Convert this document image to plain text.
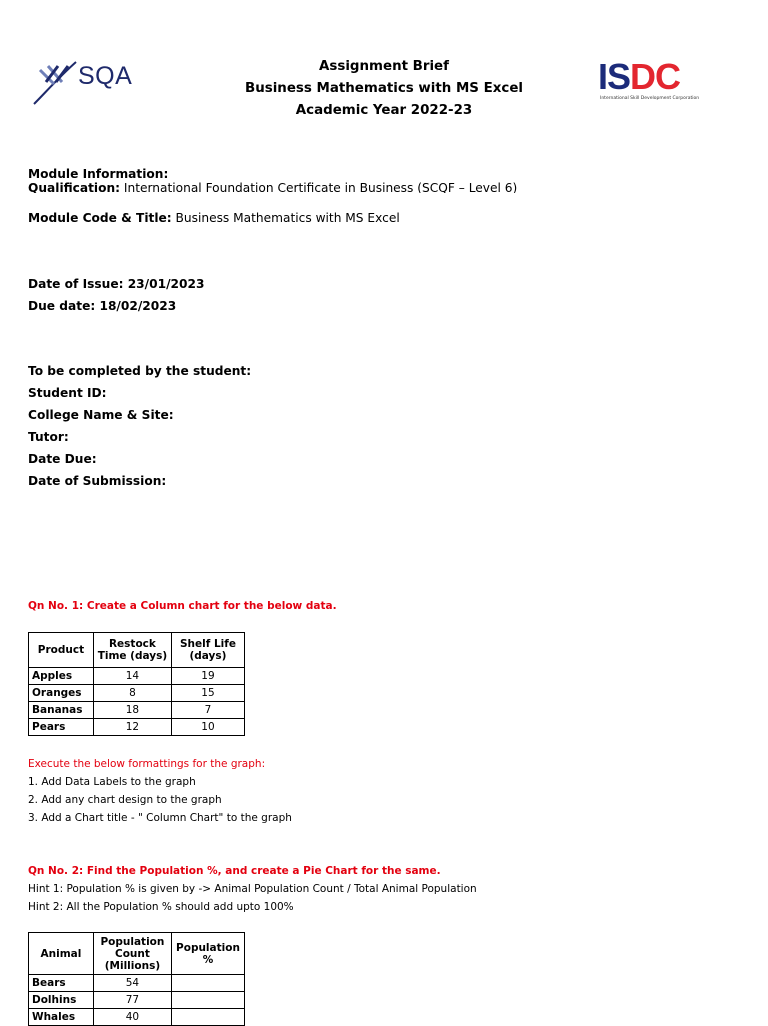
SQA	Assignment Brief
Business Mathematics with MS Excel
Academic Year 2022-23
ISDC
International Skill Development Corporation
Module Information:
Qualification: International Foundation Certificate in Business (SCQF – Level 6)
Module Code & Title: Business Mathematics with MS Excel
Date of Issue: 23/01/2023
Due date: 18/02/2023
To be completed by the student:
Student ID:
College Name & Site:
Tutor:
Date Due:
Date of Submission:
Qn No. 1: Create a Column chart for the below data.
Product	Restock Time (days)	Shelf Life (days)
Apples	14	19
Oranges	8	15
Bananas	18	7
Pears	12	10
Execute the below formattings for the graph:
1. Add Data Labels to the graph
2. Add any chart design to the graph
3. Add a Chart title - " Column Chart" to the graph
Qn No. 2: Find the Population %, and create a Pie Chart for the same.
Hint 1: Population % is given by -> Animal Population Count / Total Animal Population
Hint 2: All the Population % should add upto 100%
Animal	Population Count (Millions)	Population %
Bears	54	
Dolhins	77	
Whales	40	
